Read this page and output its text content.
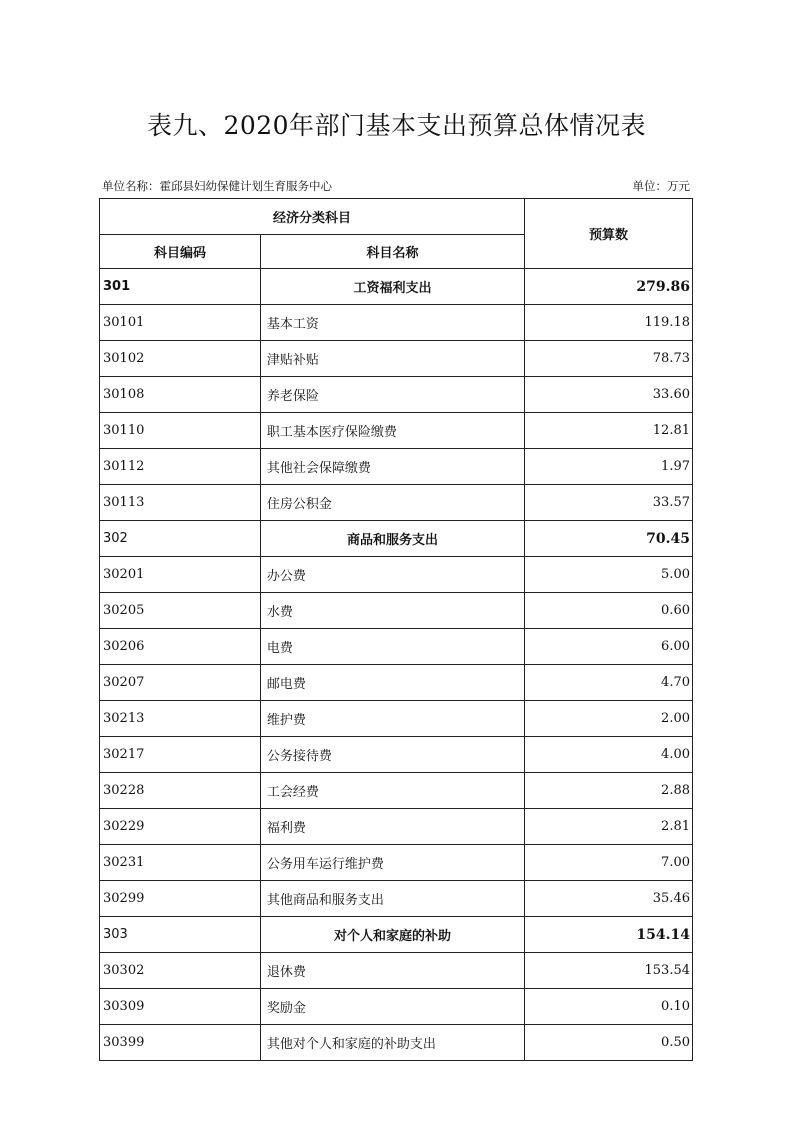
表九、2020年部门基本支出预算总体情况表
单位名称：霍邱县妇幼保健计划生育服务中心	单位：万元
经济分类科目		预算数
科目编码	科目名称	
301	工资福利支出	279.86
30101	基本工资	119.18
30102	津贴补贴	78.73
30108	养老保险	33.60
30110	职工基本医疗保险缴费	12.81
30112	其他社会保障缴费	1.97
30113	住房公积金	33.57
302	商品和服务支出	70.45
30201	办公费	5.00
30205	水费	0.60
30206	电费	6.00
30207	邮电费	4.70
30213	维护费	2.00
30217	公务接待费	4.00
30228	工会经费	2.88
30229	福利费	2.81
30231	公务用车运行维护费	7.00
30299	其他商品和服务支出	35.46
303	对个人和家庭的补助	154.14
30302	退休费	153.54
30309	奖励金	0.10
30399	其他对个人和家庭的补助支出	0.50
